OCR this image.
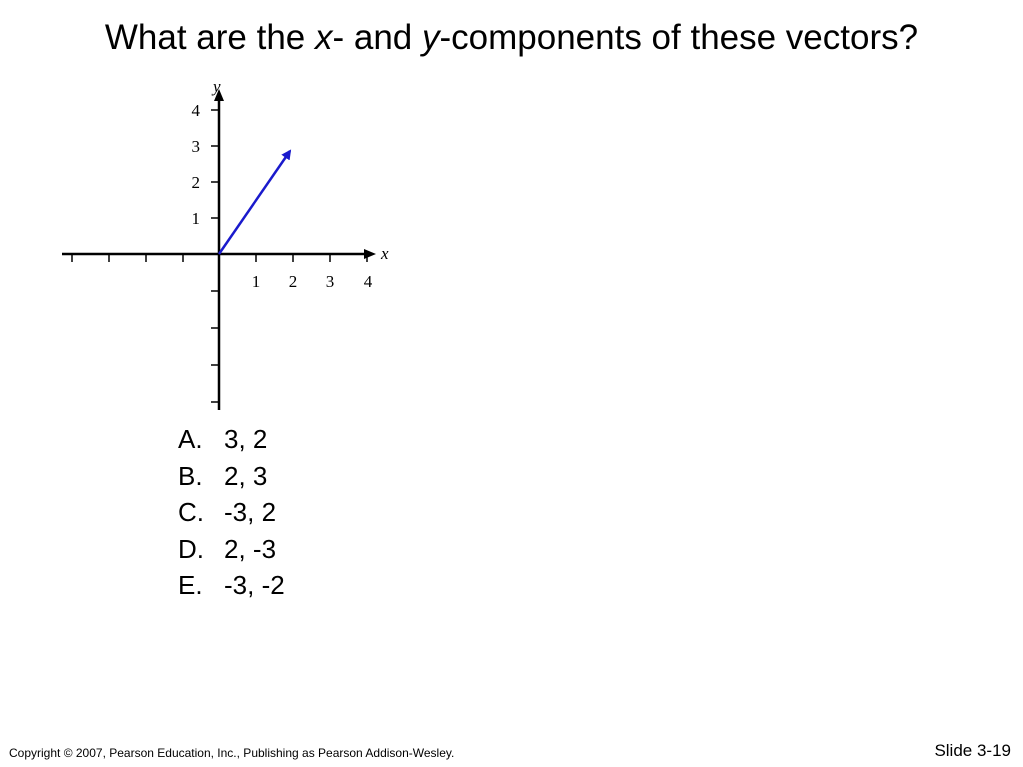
What are the x- and y-components of these vectors?
1 2 3 4
1
2
3
4
x
y
A. 3, 2
B. 2, 3
C. -3, 2
D. 2, -3
E. -3, -2
Copyright © 2007, Pearson Education, Inc., Publishing as Pearson Addison-Wesley.	Slide 3-19
